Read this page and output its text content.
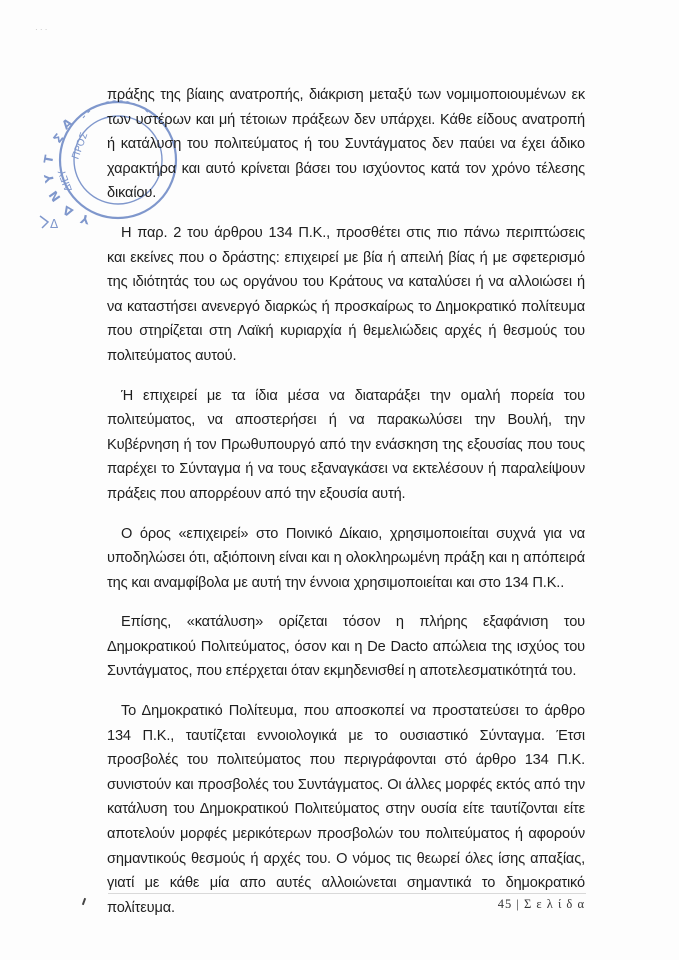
· · ·
Α
Σ
Τ
Υ
Ν
Δ Υ
ΠΡΟΣ
ΔΙΕΥ
Δ

πράξης της βίαιης ανατροπής, διάκριση μεταξύ των νομιμοποιουμένων εκ των υστέρων και μή τέτοιων πράξεων δεν υπάρχει. Κάθε είδους ανατροπή ή κατάλυση του πολιτεύματος ή του Συντάγματος δεν παύει να έχει άδικο χαρακτήρα και αυτό κρίνεται βάσει του ισχύοντος κατά τον χρόνο τέλεσης δικαίου.

Η παρ. 2 του άρθρου 134 Π.Κ., προσθέτει στις πιο πάνω περιπτώσεις και εκείνες που ο δράστης: επιχειρεί με βία ή απειλή βίας ή με σφετερισμό της ιδιότητάς του ως οργάνου του Κράτους να καταλύσει ή να αλλοιώσει ή να καταστήσει ανενεργό διαρκώς ή προσκαίρως το Δημοκρατικό πολίτευμα που στηρίζεται στη Λαϊκή κυριαρχία ή θεμελιώδεις αρχές ή θεσμούς του πολιτεύματος αυτού.

Ή επιχειρεί με τα ίδια μέσα να διαταράξει την ομαλή πορεία του πολιτεύματος, να αποστερήσει ή να παρακωλύσει την Βουλή, την Κυβέρνηση ή τον Πρωθυπουργό από την ενάσκηση της εξουσίας που τους παρέχει το Σύνταγμα ή να τους εξαναγκάσει να εκτελέσουν ή παραλείψουν πράξεις που απορρέουν από την εξουσία αυτή.

Ο όρος «επιχειρεί» στο Ποινικό Δίκαιο, χρησιμοποιείται συχνά για να υποδηλώσει ότι, αξιόποινη είναι και η ολοκληρωμένη πράξη και η απόπειρά της και αναμφίβολα με αυτή την έννοια χρησιμοποιείται και στο 134 Π.Κ..

Επίσης, «κατάλυση» ορίζεται τόσον η πλήρης εξαφάνιση του Δημοκρατικού Πολιτεύματος, όσον και η De Dacto απώλεια της ισχύος του Συντάγματος, που επέρχεται όταν εκμηδενισθεί η αποτελεσματικότητά του.

Το Δημοκρατικό Πολίτευμα, που αποσκοπεί να προστατεύσει το άρθρο 134 Π.Κ., ταυτίζεται εννοιολογικά με το ουσιαστικό Σύνταγμα. Έτσι προσβολές του πολιτεύματος που περιγράφονται στό άρθρο 134 Π.Κ. συνιστούν και προσβολές του Συντάγματος. Οι άλλες μορφές εκτός από την κατάλυση του Δημοκρατικού Πολιτεύματος στην ουσία είτε ταυτίζονται είτε αποτελούν μορφές μερικότερων προσβολών του πολιτεύματος ή αφορούν σημαντικούς θεσμούς ή αρχές του. Ο νόμος τις θεωρεί όλες ίσης απαξίας, γιατί με κάθε μία απο αυτές αλλοιώνεται σημαντικά το δημοκρατικό πολίτευμα.	45 | Σ ε λ ί δ α
